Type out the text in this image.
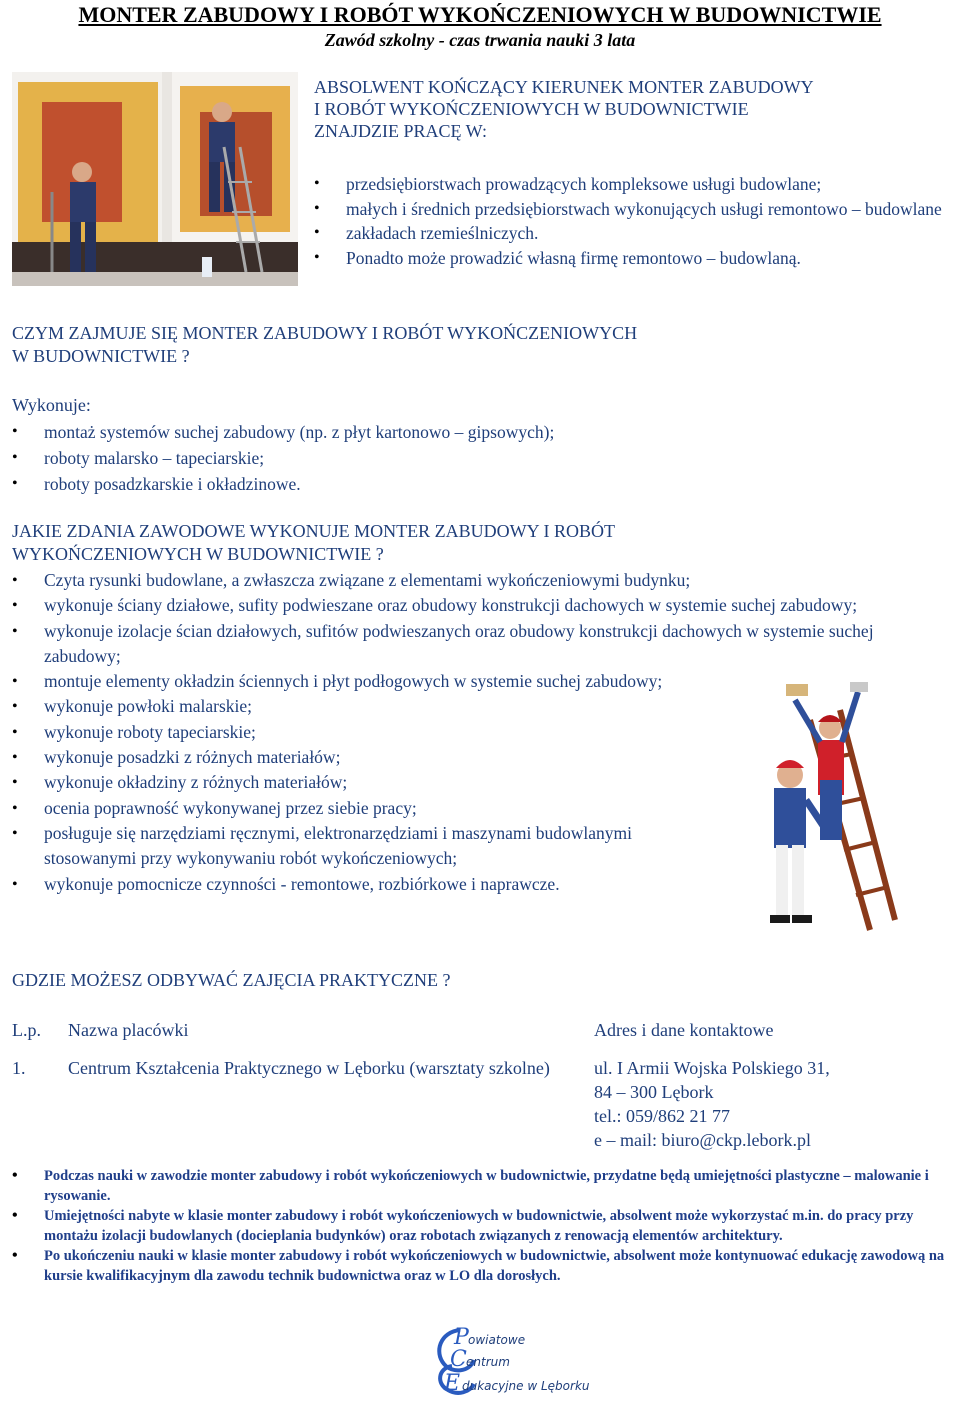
MONTER ZABUDOWY I ROBÓT WYKOŃCZENIOWYCH W BUDOWNICTWIE
Zawód szkolny - czas trwania nauki 3 lata
ABSOLWENT KOŃCZĄCY KIERUNEK MONTER ZABUDOWY
I ROBÓT WYKOŃCZENIOWYCH W BUDOWNICTWIE
ZNAJDZIE PRACĘ W:
• przedsiębiorstwach prowadzących kompleksowe usługi budowlane;
• małych i średnich przedsiębiorstwach wykonujących usługi remontowo – budowlane
• zakładach rzemieślniczych.
• Ponadto może prowadzić własną firmę remontowo – budowlaną.
CZYM ZAJMUJE SIĘ MONTER ZABUDOWY I ROBÓT WYKOŃCZENIOWYCH
W BUDOWNICTWIE ?
Wykonuje:
• montaż systemów suchej zabudowy (np. z płyt kartonowo – gipsowych);
• roboty malarsko – tapeciarskie;
• roboty posadzkarskie i okładzinowe.
JAKIE ZDANIA ZAWODOWE WYKONUJE MONTER ZABUDOWY I ROBÓT
WYKOŃCZENIOWYCH W BUDOWNICTWIE ?
• Czyta rysunki budowlane, a zwłaszcza związane z elementami wykończeniowymi budynku;
• wykonuje ściany działowe, sufity podwieszane oraz obudowy konstrukcji dachowych w systemie suchej zabudowy;
• wykonuje izolacje ścian działowych, sufitów podwieszanych oraz obudowy konstrukcji dachowych w systemie suchej zabudowy;
• montuje elementy okładzin ściennych i płyt podłogowych w systemie suchej zabudowy;
• wykonuje powłoki malarskie;
• wykonuje roboty tapeciarskie;
• wykonuje posadzki z różnych materiałów;
• wykonuje okładziny z różnych materiałów;
• ocenia poprawność wykonywanej przez siebie pracy;
• posługuje się narzędziami ręcznymi, elektronarzędziami i maszynami budowlanymi stosowanymi przy wykonywaniu robót wykończeniowych;
• wykonuje pomocnicze czynności - remontowe, rozbiórkowe i naprawcze.
GDZIE MOŻESZ ODBYWAĆ ZAJĘCIA PRAKTYCZNE ?
L.p.	Nazwa placówki	Adres i dane kontaktowe

1.	Centrum Kształcenia Praktycznego w Lęborku (warsztaty szkolne)	ul. I Armii Wojska Polskiego 31,
84 – 300 Lębork
tel.: 059/862 21 77
e – mail: biuro@ckp.lebork.pl
• Podczas nauki w zawodzie monter zabudowy i robót wykończeniowych w budownictwie, przydatne będą umiejętności plastyczne – malowanie i rysowanie.
• Umiejętności nabyte w klasie monter zabudowy i robót wykończeniowych w budownictwie, absolwent może wykorzystać m.in. do pracy przy montażu izolacji budowlanych (docieplania budynków) oraz robotach związanych z renowacją elementów architektury.
• Po ukończeniu nauki w klasie monter zabudowy i robót wykończeniowych w budownictwie, absolwent może kontynuować edukację zawodową na kursie kwalifikacyjnym dla zawodu technik budownictwa oraz w LO dla dorosłych.
P owiatowe
C entrum
E dukacyjne w Lęborku
